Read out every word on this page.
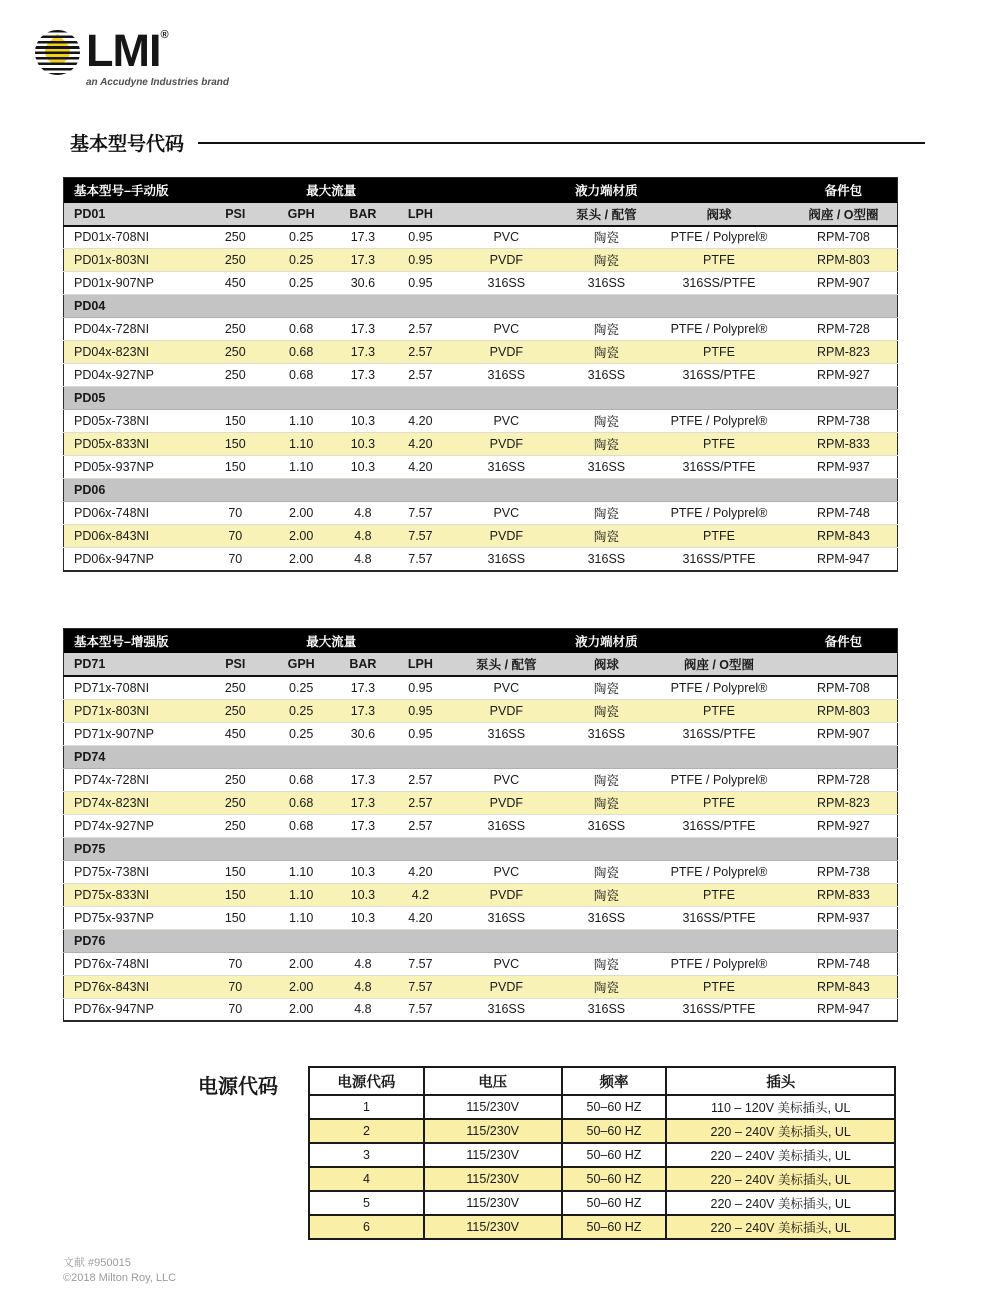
LMI®
an Accudyne Industries brand
基本型号代码
基本型号–手动版		最大流量				液力端材质		备件包
PD01	PSI	GPH	BAR	LPH		泵头 / 配管	阀球	阀座 / O型圈
PD01x-708NI	250	0.25	17.3	0.95	PVC	陶瓷	PTFE / Polyprel®	RPM-708
PD01x-803NI	250	0.25	17.3	0.95	PVDF	陶瓷	PTFE	RPM-803
PD01x-907NP	450	0.25	30.6	0.95	316SS	316SS	316SS/PTFE	RPM-907
PD04								
PD04x-728NI	250	0.68	17.3	2.57	PVC	陶瓷	PTFE / Polyprel®	RPM-728
PD04x-823NI	250	0.68	17.3	2.57	PVDF	陶瓷	PTFE	RPM-823
PD04x-927NP	250	0.68	17.3	2.57	316SS	316SS	316SS/PTFE	RPM-927
PD05								
PD05x-738NI	150	1.10	10.3	4.20	PVC	陶瓷	PTFE / Polyprel®	RPM-738
PD05x-833NI	150	1.10	10.3	4.20	PVDF	陶瓷	PTFE	RPM-833
PD05x-937NP	150	1.10	10.3	4.20	316SS	316SS	316SS/PTFE	RPM-937
PD06								
PD06x-748NI	70	2.00	4.8	7.57	PVC	陶瓷	PTFE / Polyprel®	RPM-748
PD06x-843NI	70	2.00	4.8	7.57	PVDF	陶瓷	PTFE	RPM-843
PD06x-947NP	70	2.00	4.8	7.57	316SS	316SS	316SS/PTFE	RPM-947
基本型号–增强版		最大流量				液力端材质		备件包
PD71	PSI	GPH	BAR	LPH	泵头 / 配管	阀球	阀座 / O型圈	
PD71x-708NI	250	0.25	17.3	0.95	PVC	陶瓷	PTFE / Polyprel®	RPM-708
PD71x-803NI	250	0.25	17.3	0.95	PVDF	陶瓷	PTFE	RPM-803
PD71x-907NP	450	0.25	30.6	0.95	316SS	316SS	316SS/PTFE	RPM-907
PD74								
PD74x-728NI	250	0.68	17.3	2.57	PVC	陶瓷	PTFE / Polyprel®	RPM-728
PD74x-823NI	250	0.68	17.3	2.57	PVDF	陶瓷	PTFE	RPM-823
PD74x-927NP	250	0.68	17.3	2.57	316SS	316SS	316SS/PTFE	RPM-927
PD75								
PD75x-738NI	150	1.10	10.3	4.20	PVC	陶瓷	PTFE / Polyprel®	RPM-738
PD75x-833NI	150	1.10	10.3	4.2	PVDF	陶瓷	PTFE	RPM-833
PD75x-937NP	150	1.10	10.3	4.20	316SS	316SS	316SS/PTFE	RPM-937
PD76								
PD76x-748NI	70	2.00	4.8	7.57	PVC	陶瓷	PTFE / Polyprel®	RPM-748
PD76x-843NI	70	2.00	4.8	7.57	PVDF	陶瓷	PTFE	RPM-843
PD76x-947NP	70	2.00	4.8	7.57	316SS	316SS	316SS/PTFE	RPM-947
电源代码	电源代码	电压	频率	插头
1	115/230V	50–60 HZ	110 – 120V 美标插头, UL
2	115/230V	50–60 HZ	220 – 240V 美标插头, UL
3	115/230V	50–60 HZ	220 – 240V 美标插头, UL
4	115/230V	50–60 HZ	220 – 240V 美标插头, UL
5	115/230V	50–60 HZ	220 – 240V 美标插头, UL
6	115/230V	50–60 HZ	220 – 240V 美标插头, UL
文献 #950015
©2018 Milton Roy, LLC
